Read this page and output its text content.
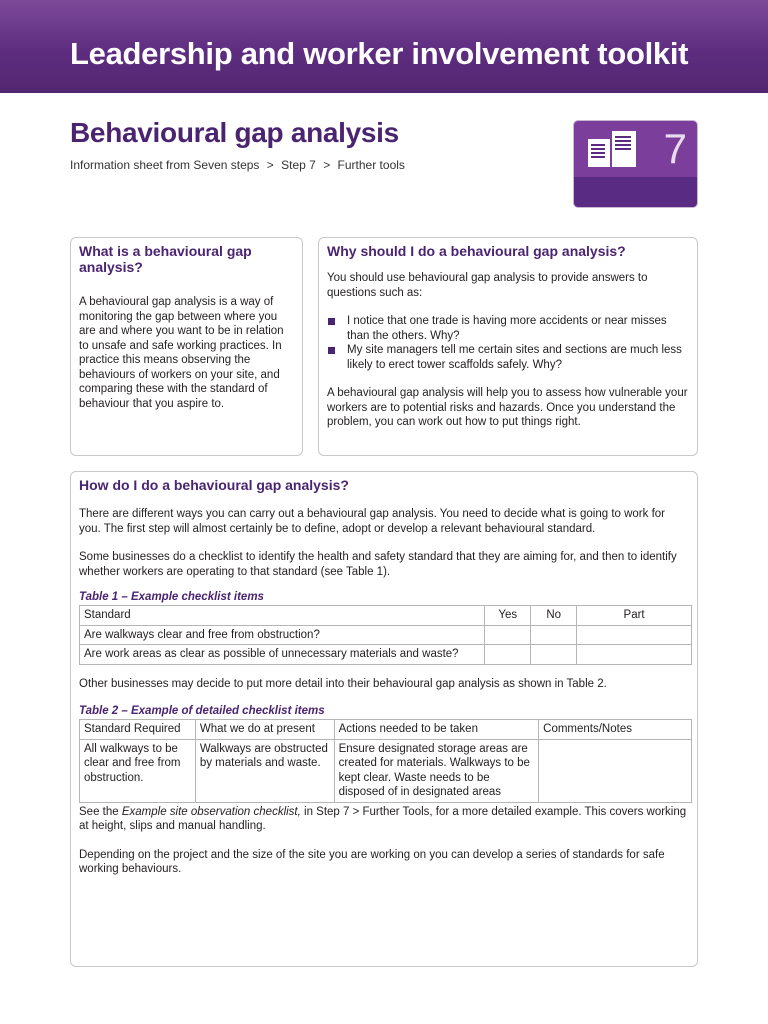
Leadership and worker involvement toolkit
Behavioural gap analysis
Information sheet from Seven steps > Step 7 > Further tools	7
What is a behavioural gap analysis?
A behavioural gap analysis is a way of monitoring the gap between where you are and where you want to be in relation to unsafe and safe working practices. In practice this means observing the behaviours of workers on your site, and comparing these with the standard of behaviour that you aspire to.
Why should I do a behavioural gap analysis?
You should use behavioural gap analysis to provide answers to questions such as:
I notice that one trade is having more accidents or near misses than the others. Why?
My site managers tell me certain sites and sections are much less likely to erect tower scaffolds safely. Why?
A behavioural gap analysis will help you to assess how vulnerable your workers are to potential risks and hazards. Once you understand the problem, you can work out how to put things right.
How do I do a behavioural gap analysis?
There are different ways you can carry out a behavioural gap analysis. You need to decide what is going to work for you. The first step will almost certainly be to define, adopt or develop a relevant behavioural standard.
Some businesses do a checklist to identify the health and safety standard that they are aiming for, and then to identify whether workers are operating to that standard (see Table 1).
Table 1 – Example checklist items
Standard	Yes	No	Part
Are walkways clear and free from obstruction?			
Are work areas as clear as possible of unnecessary materials and waste?			
Other businesses may decide to put more detail into their behavioural gap analysis as shown in Table 2.
Table 2 – Example of detailed checklist items
Standard Required	What we do at present	Actions needed to be taken	Comments/Notes
All walkways to be clear and free from obstruction.	Walkways are obstructed by materials and waste.	Ensure designated storage areas are created for materials. Walkways to be kept clear. Waste needs to be disposed of in designated areas	
See the Example site observation checklist, in Step 7 > Further Tools, for a more detailed example. This covers working at height, slips and manual handling.
Depending on the project and the size of the site you are working on you can develop a series of standards for safe working behaviours.
